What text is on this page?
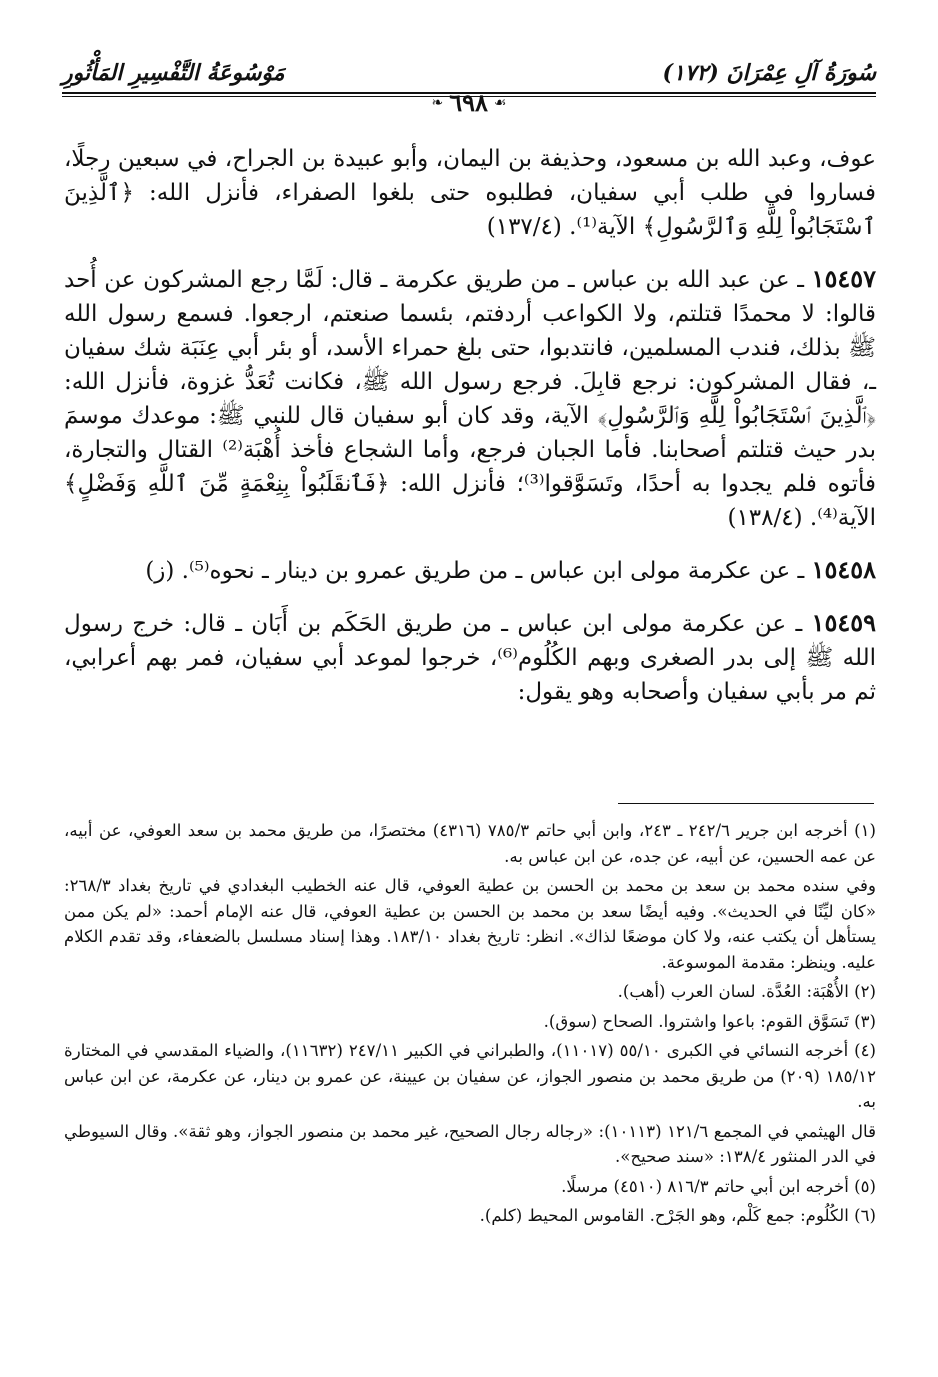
سُورَةُ آلِ عِمْرَانَ (١٧٢)
مَوْسُوعَةُ التَّفْسِيرِ المَأْثُورِ
❧ ٦٩٨ ☙

عوف، وعبد الله بن مسعود، وحذيفة بن اليمان، وأبو عبيدة بن الجراح، في سبعين رجلًا، فساروا في طلب أبي سفيان، فطلبوه حتى بلغوا الصفراء، فأنزل الله: ﴿ٱلَّذِينَ ٱسْتَجَابُواْ لِلَّهِ وَٱلرَّسُولِ﴾ الآية⁽¹⁾. (١٣٧/٤)

١٥٤٥٧ ـ عن عبد الله بن عباس ـ من طريق عكرمة ـ قال: لَمَّا رجع المشركون عن أُحد قالوا: لا محمدًا قتلتم، ولا الكواعب أردفتم، بئسما صنعتم، ارجعوا. فسمع رسول الله ﷺ بذلك، فندب المسلمين، فانتدبوا، حتى بلغ حمراء الأسد، أو بئر أبي عِنَبَة شك سفيان ـ، فقال المشركون: نرجع قابِلَ. فرجع رسول الله ﷺ، فكانت تُعَدُّ غزوة، فأنزل الله: ﴿ٱلَّذِينَ ٱسْتَجَابُواْ لِلَّهِ وَٱلرَّسُولِ﴾ الآية، وقد كان أبو سفيان قال للنبي ﷺ: موعدك موسمَ بدر حيث قتلتم أصحابنا. فأما الجبان فرجع، وأما الشجاع فأخذ أُهْبَة⁽²⁾ القتال والتجارة، فأتوه فلم يجدوا به أحدًا، وتَسَوَّقوا⁽³⁾؛ فأنزل الله: ﴿فَٱنقَلَبُواْ بِنِعْمَةٍ مِّنَ ٱللَّهِ وَفَضْلٍ﴾ الآية⁽⁴⁾. (١٣٨/٤)

١٥٤٥٨ ـ عن عكرمة مولى ابن عباس ـ من طريق عمرو بن دينار ـ نحوه⁽⁵⁾. (ز)

١٥٤٥٩ ـ عن عكرمة مولى ابن عباس ـ من طريق الحَكَم بن أَبَان ـ قال: خرج رسول الله ﷺ إلى بدر الصغرى وبهم الكُلُوم⁽⁶⁾، خرجوا لموعد أبي سفيان، فمر بهم أعرابي، ثم مر بأبي سفيان وأصحابه وهو يقول:

(١) أخرجه ابن جرير ٢٤٢/٦ ـ ٢٤٣، وابن أبي حاتم ٧٨٥/٣ (٤٣١٦) مختصرًا، من طريق محمد بن سعد العوفي، عن أبيه، عن عمه الحسين، عن أبيه، عن جده، عن ابن عباس به.

وفي سنده محمد بن سعد بن محمد بن الحسن بن عطية العوفي، قال عنه الخطيب البغدادي في تاريخ بغداد ٢٦٨/٣: «كان ليِّنًا في الحديث». وفيه أيضًا سعد بن محمد بن الحسن بن عطية العوفي، قال عنه الإمام أحمد: «لم يكن ممن يستأهل أن يكتب عنه، ولا كان موضعًا لذاك». انظر: تاريخ بغداد ١٨٣/١٠. وهذا إسناد مسلسل بالضعفاء، وقد تقدم الكلام عليه. وينظر: مقدمة الموسوعة.

(٢) الأُهْبَة: العُدَّة. لسان العرب (أهب).

(٣) تَسَوَّق القوم: باعوا واشتروا. الصحاح (سوق).

(٤) أخرجه النسائي في الكبرى ٥٥/١٠ (١١٠١٧)، والطبراني في الكبير ٢٤٧/١١ (١١٦٣٢)، والضياء المقدسي في المختارة ١٨٥/١٢ (٢٠٩) من طريق محمد بن منصور الجواز، عن سفيان بن عيينة، عن عمرو بن دينار، عن عكرمة، عن ابن عباس به.

قال الهيثمي في المجمع ١٢١/٦ (١٠١١٣): «رجاله رجال الصحيح، غير محمد بن منصور الجواز، وهو ثقة». وقال السيوطي في الدر المنثور ١٣٨/٤: «سند صحيح».

(٥) أخرجه ابن أبي حاتم ٨١٦/٣ (٤٥١٠) مرسلًا.

(٦) الكُلُوم: جمع كَلْم، وهو الجَرْح. القاموس المحيط (كلم).
